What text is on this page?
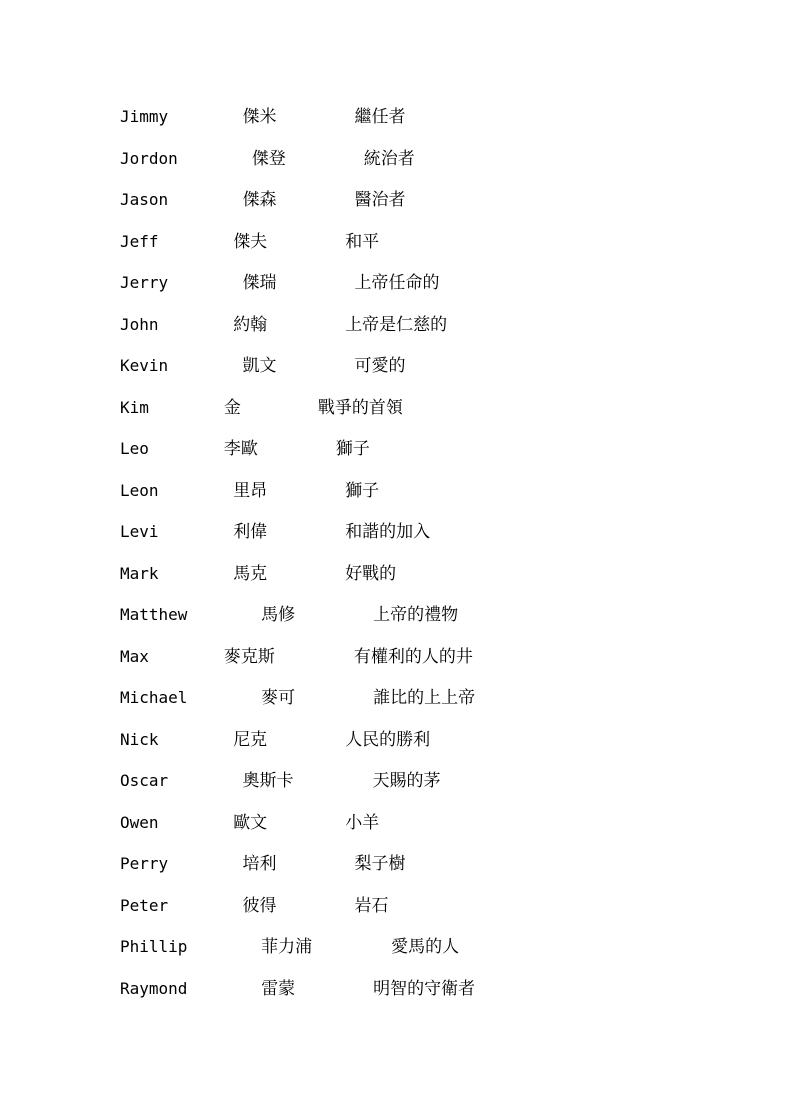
Jimmy	傑米	繼任者
Jordon	傑登	統治者
Jason	傑森	醫治者
Jeff	傑夫	和平
Jerry	傑瑞	上帝任命的
John	約翰	上帝是仁慈的
Kevin	凱文	可愛的
Kim	金	戰爭的首領
Leo	李歐	獅子
Leon	里昂	獅子
Levi	利偉	和諧的加入
Mark	馬克	好戰的
Matthew	馬修	上帝的禮物
Max	麥克斯	有權利的人的井
Michael	麥可	誰比的上上帝
Nick	尼克	人民的勝利
Oscar	奧斯卡	天賜的茅
Owen	歐文	小羊
Perry	培利	梨子樹
Peter	彼得	岩石
Phillip	菲力浦	愛馬的人
Raymond	雷蒙	明智的守衛者
